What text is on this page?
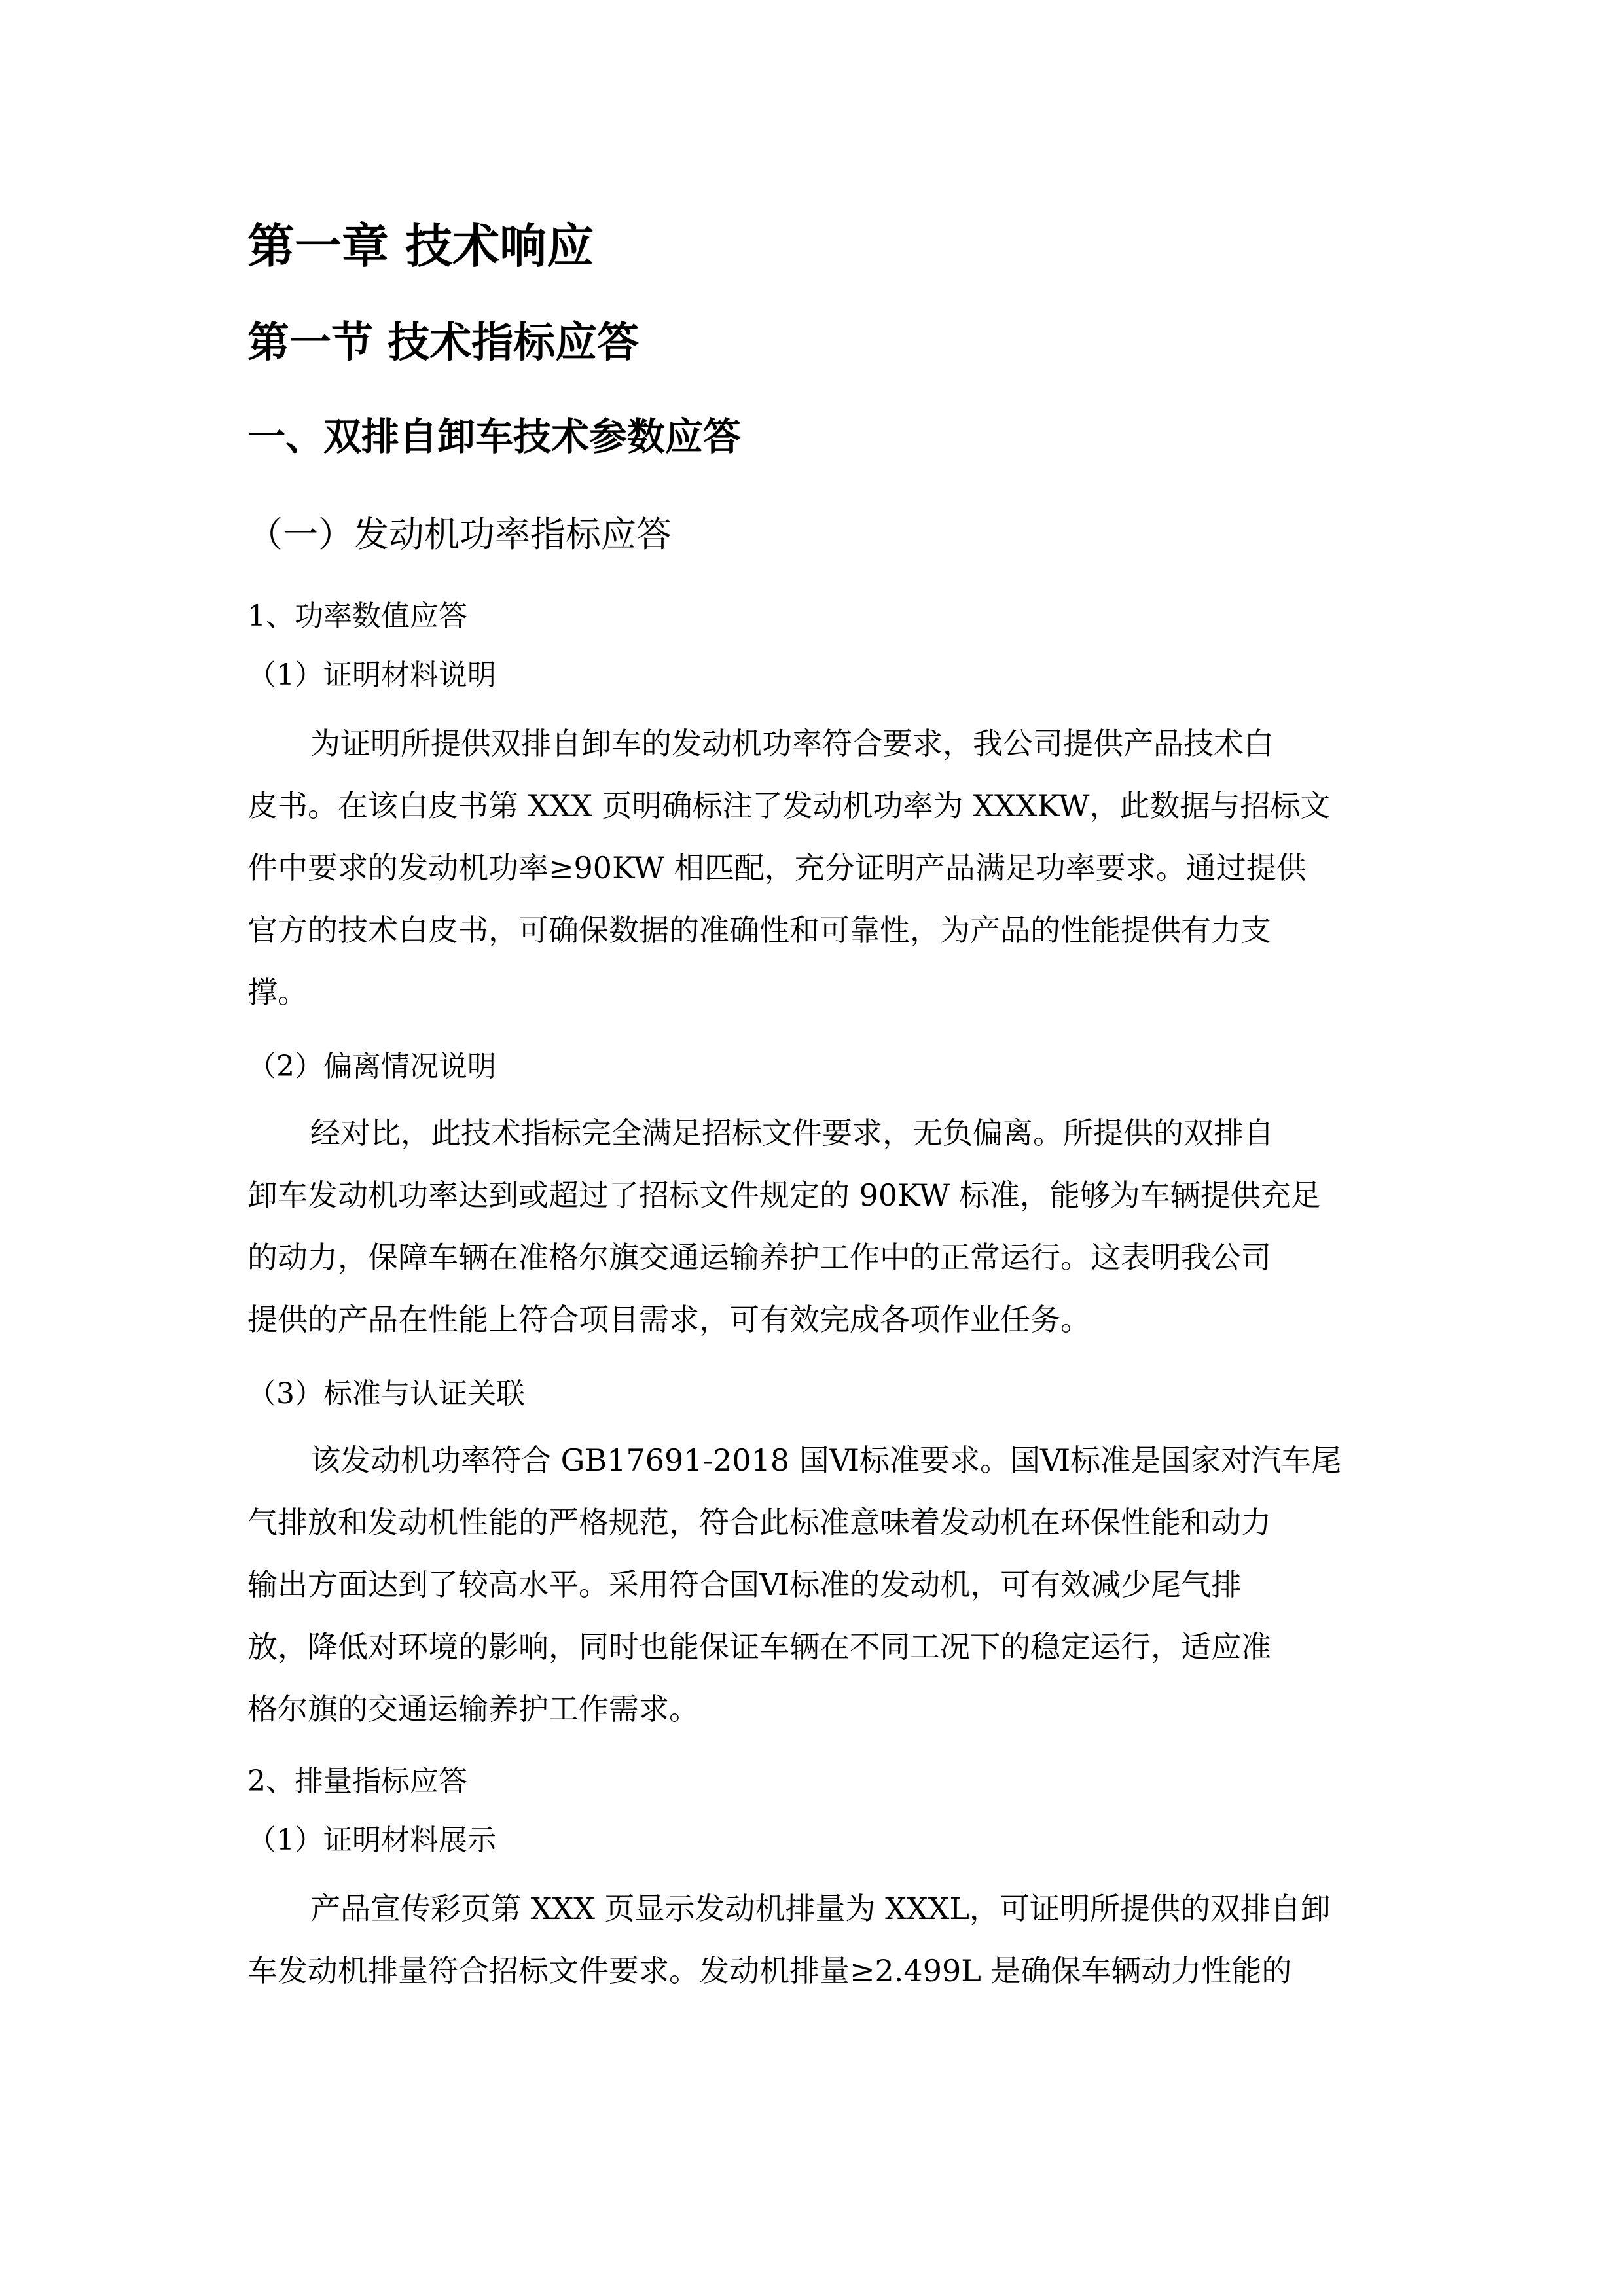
第一章 技术响应
第一节 技术指标应答
一、双排自卸车技术参数应答
（一）发动机功率指标应答
1、功率数值应答
（1）证明材料说明
为证明所提供双排自卸车的发动机功率符合要求，我公司提供产品技术白
皮书。在该白皮书第 XXX 页明确标注了发动机功率为 XXXKW，此数据与招标文
件中要求的发动机功率≥90KW 相匹配，充分证明产品满足功率要求。通过提供
官方的技术白皮书，可确保数据的准确性和可靠性，为产品的性能提供有力支
撑。
（2）偏离情况说明
经对比，此技术指标完全满足招标文件要求，无负偏离。所提供的双排自
卸车发动机功率达到或超过了招标文件规定的 90KW 标准，能够为车辆提供充足
的动力，保障车辆在准格尔旗交通运输养护工作中的正常运行。这表明我公司
提供的产品在性能上符合项目需求，可有效完成各项作业任务。
（3）标准与认证关联
该发动机功率符合 GB17691-2018 国Ⅵ标准要求。国Ⅵ标准是国家对汽车尾
气排放和发动机性能的严格规范，符合此标准意味着发动机在环保性能和动力
输出方面达到了较高水平。采用符合国Ⅵ标准的发动机，可有效减少尾气排
放，降低对环境的影响，同时也能保证车辆在不同工况下的稳定运行，适应准
格尔旗的交通运输养护工作需求。
2、排量指标应答
（1）证明材料展示
产品宣传彩页第 XXX 页显示发动机排量为 XXXL，可证明所提供的双排自卸
车发动机排量符合招标文件要求。发动机排量≥2.499L 是确保车辆动力性能的
